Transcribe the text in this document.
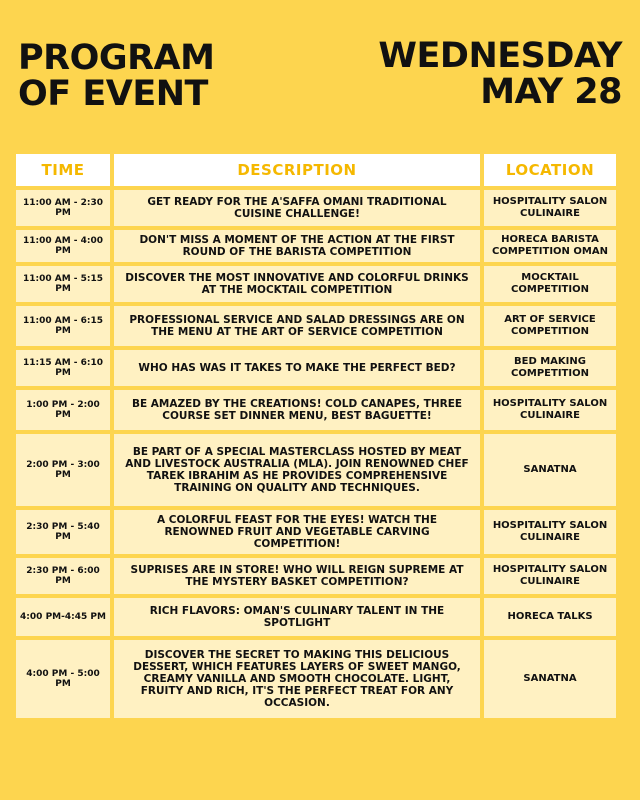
PROGRAM
OF EVENT
WEDNESDAY
MAY 28
TIME	DESCRIPTION	LOCATION
11:00 AM - 2:30 PM	GET READY FOR THE A'SAFFA OMANI TRADITIONAL CUISINE CHALLENGE!	HOSPITALITY SALON CULINAIRE
11:00 AM - 4:00 PM	DON'T MISS A MOMENT OF THE ACTION AT THE FIRST ROUND OF THE BARISTA COMPETITION	HORECA BARISTA COMPETITION OMAN
11:00 AM - 5:15 PM	DISCOVER THE MOST INNOVATIVE AND COLORFUL DRINKS AT THE MOCKTAIL COMPETITION	MOCKTAIL COMPETITION
11:00 AM - 6:15 PM	PROFESSIONAL SERVICE AND SALAD DRESSINGS ARE ON THE MENU AT THE ART OF SERVICE COMPETITION	ART OF SERVICE COMPETITION
11:15 AM - 6:10 PM	WHO HAS WAS IT TAKES TO MAKE THE PERFECT BED?	BED MAKING COMPETITION
1:00 PM - 2:00 PM	BE AMAZED BY THE CREATIONS! COLD CANAPES, THREE COURSE SET DINNER MENU, BEST BAGUETTE!	HOSPITALITY SALON CULINAIRE
2:00 PM - 3:00 PM	BE PART OF A SPECIAL MASTERCLASS HOSTED BY MEAT AND LIVESTOCK AUSTRALIA (MLA). JOIN RENOWNED CHEF TAREK IBRAHIM AS HE PROVIDES COMPREHENSIVE TRAINING ON QUALITY AND TECHNIQUES.	SANATNA
2:30 PM - 5:40 PM	A COLORFUL FEAST FOR THE EYES! WATCH THE RENOWNED FRUIT AND VEGETABLE CARVING COMPETITION!	HOSPITALITY SALON CULINAIRE
2:30 PM - 6:00 PM	SUPRISES ARE IN STORE! WHO WILL REIGN SUPREME AT THE MYSTERY BASKET COMPETITION?	HOSPITALITY SALON CULINAIRE
4:00 PM-4:45 PM	RICH FLAVORS: OMAN'S CULINARY TALENT IN THE SPOTLIGHT	HORECA TALKS
4:00 PM - 5:00 PM	DISCOVER THE SECRET TO MAKING THIS DELICIOUS DESSERT, WHICH FEATURES LAYERS OF SWEET MANGO, CREAMY VANILLA AND SMOOTH CHOCOLATE. LIGHT, FRUITY AND RICH, IT'S THE PERFECT TREAT FOR ANY OCCASION.	SANATNA
